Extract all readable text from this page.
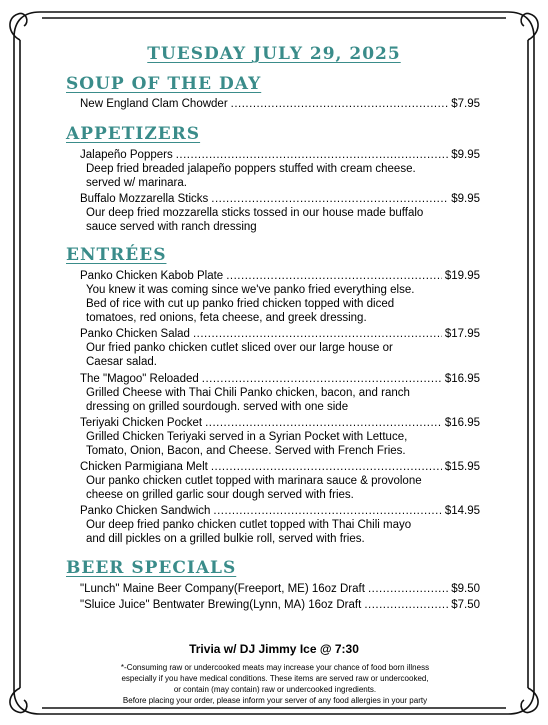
TUESDAY JULY 29, 2025
SOUP OF THE DAY
New England Clam Chowder .....	$7.95
APPETIZERS
Jalapeño Poppers .....	$9.95
Deep fried breaded jalapeño poppers stuffed with cream cheese.
served w/ marinara.
Buffalo Mozzarella Sticks .....	$9.95
Our deep fried mozzarella sticks tossed in our house made buffalo
sauce served with ranch dressing
ENTRÉES
Panko Chicken Kabob Plate .....	$19.95
You knew it was coming since we've panko fried everything else.
Bed of rice with cut up panko fried chicken topped with diced
tomatoes, red onions, feta cheese, and greek dressing.
Panko Chicken Salad .....	$17.95
Our fried panko chicken cutlet sliced over our large house or
Caesar salad.
The "Magoo" Reloaded .....	$16.95
Grilled Cheese with Thai Chili Panko chicken, bacon, and ranch
dressing on grilled sourdough. served with one side
Teriyaki Chicken Pocket .....	$16.95
Grilled Chicken Teriyaki served in a Syrian Pocket with Lettuce,
Tomato, Onion, Bacon, and Cheese. Served with French Fries.
Chicken Parmigiana Melt .....	$15.95
Our panko chicken cutlet topped with marinara sauce & provolone
cheese on grilled garlic sour dough served with fries.
Panko Chicken Sandwich .....	$14.95
Our deep fried panko chicken cutlet topped with Thai Chili mayo
and dill pickles on a grilled bulkie roll, served with fries.
BEER SPECIALS
"Lunch" Maine Beer Company(Freeport, ME) 16oz Draft .....	$9.50
"Sluice Juice" Bentwater Brewing(Lynn, MA) 16oz Draft .....	$7.50
Trivia w/ DJ Jimmy Ice @ 7:30
*-Consuming raw or undercooked meats may increase your chance of food born illness
especially if you have medical conditions. These items are served raw or undercooked,
or contain (may contain) raw or undercooked ingredients.
Before placing your order, please inform your server of any food allergies in your party
